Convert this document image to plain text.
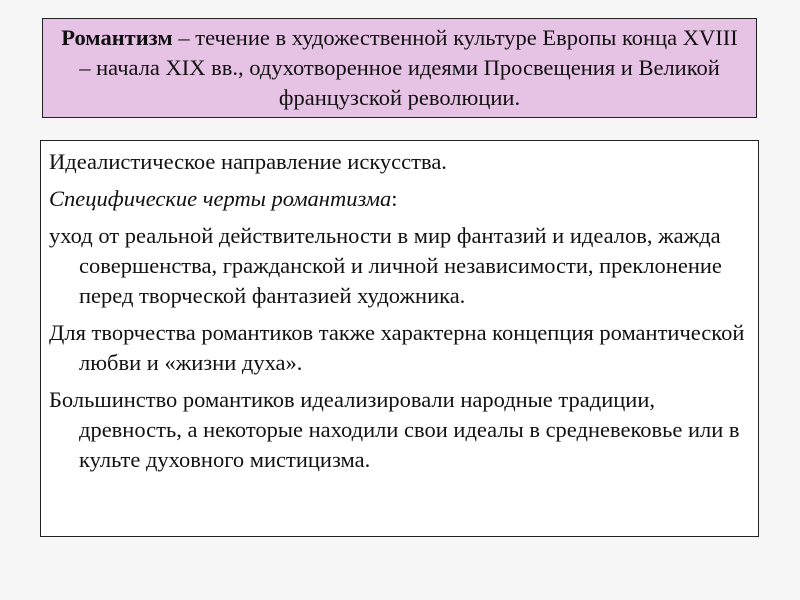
Романтизм – течение в художественной культуре Европы конца XVIII – начала XIX вв., одухотворенное идеями Просвещения и Великой французской революции.

Идеалистическое направление искусства.

Специфические черты романтизма:

уход от реальной действительности в мир фантазий и идеалов, жажда совершенства, гражданской и личной независимости, преклонение перед творческой фантазией художника.

Для творчества романтиков также характерна концепция романтической любви и «жизни духа».

Большинство романтиков идеализировали народные традиции, древность, а некоторые находили свои идеалы в средневековье или в культе духовного мистицизма.
